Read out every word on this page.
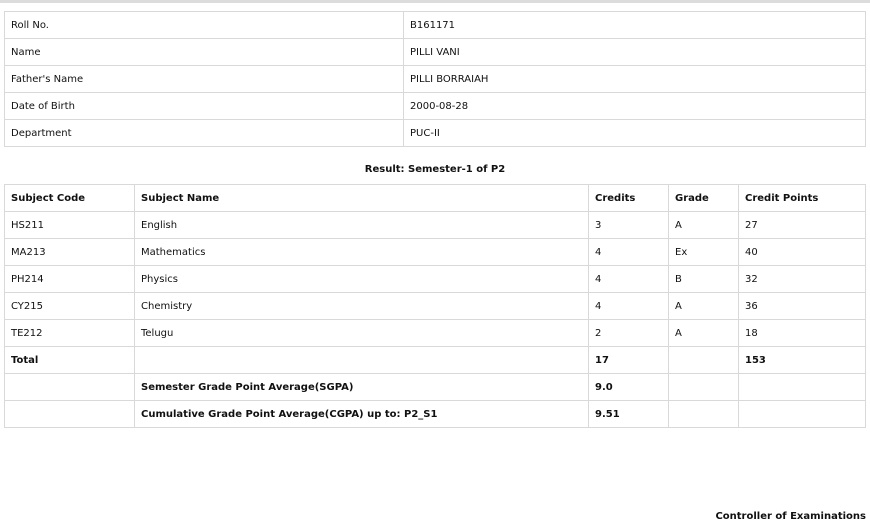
Roll No.	B161171
Name	PILLI VANI
Father's Name	PILLI BORRAIAH
Date of Birth	2000-08-28
Department	PUC-II
Result: Semester-1 of P2
Subject Code	Subject Name	Credits	Grade	Credit Points
HS211	English	3	A	27
MA213	Mathematics	4	Ex	40
PH214	Physics	4	B	32
CY215	Chemistry	4	A	36
TE212	Telugu	2	A	18
Total		17		153
	Semester Grade Point Average(SGPA)	9.0		
	Cumulative Grade Point Average(CGPA) up to: P2_S1	9.51		
Controller of Examinations
